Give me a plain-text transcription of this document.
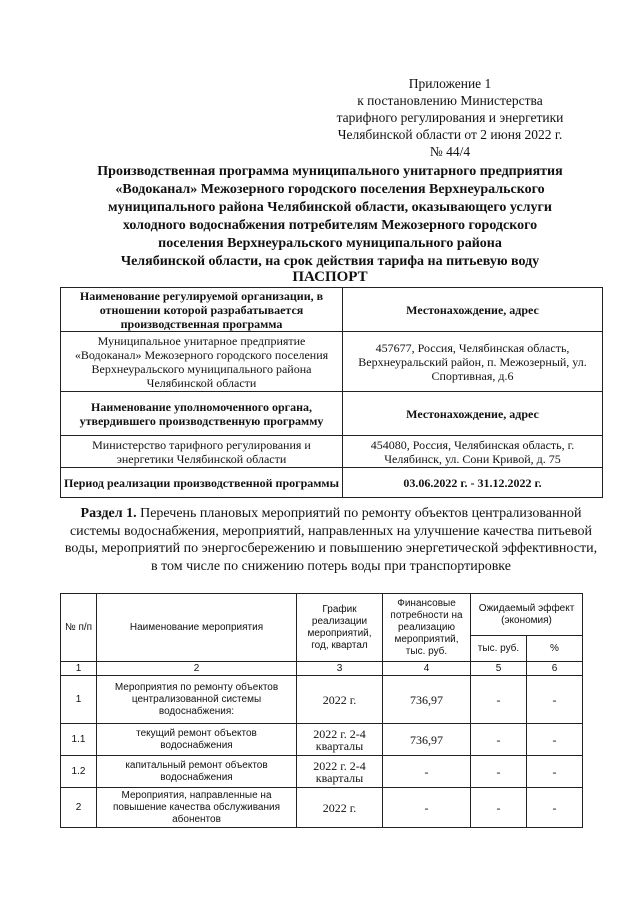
Приложение 1
к постановлению Министерства
тарифного регулирования и энергетики
Челябинской области от 2 июня 2022 г.
№ 44/4
Производственная программа муниципального унитарного предприятия
«Водоканал» Межозерного городского поселения Верхнеуральского
муниципального района Челябинской области, оказывающего услуги
холодного водоснабжения потребителям Межозерного городского
поселения Верхнеуральского муниципального района
Челябинской области, на срок действия тарифа на питьевую воду
ПАСПОРТ
Наименование регулируемой организации, в отношении которой разрабатывается производственная программа	Местонахождение, адрес
Муниципальное унитарное предприятие «Водоканал» Межозерного городского поселения Верхнеуральского муниципального района Челябинской области	457677, Россия, Челябинская область, Верхнеуральский район, п. Межозерный, ул. Спортивная, д.6
Наименование уполномоченного органа, утвердившего производственную программу	Местонахождение, адрес
Министерство тарифного регулирования и энергетики Челябинской области	454080, Россия, Челябинская область, г. Челябинск, ул. Сони Кривой, д. 75
Период реализации производственной программы	03.06.2022 г. - 31.12.2022 г.
Раздел 1. Перечень плановых мероприятий по ремонту объектов централизованной системы водоснабжения, мероприятий, направленных на улучшение качества питьевой воды, мероприятий по энергосбережению и повышению энергетической эффективности, в том числе по снижению потерь воды при транспортировке
№ п/п	Наименование мероприятия	График реализации мероприятий, год, квартал	Финансовые потребности на реализацию мероприятий, тыс. руб.	Ожидаемый эффект (экономия)	
				тыс. руб.	%
1	2	3	4	5	6
1	Мероприятия по ремонту объектов централизованной системы водоснабжения:	2022 г.	736,97	-	-
1.1	текущий ремонт объектов водоснабжения	2022 г. 2-4 кварталы	736,97	-	-
1.2	капитальный ремонт объектов водоснабжения	2022 г. 2-4 кварталы	-	-	-
2	Мероприятия, направленные на повышение качества обслуживания абонентов	2022 г.	-	-	-
